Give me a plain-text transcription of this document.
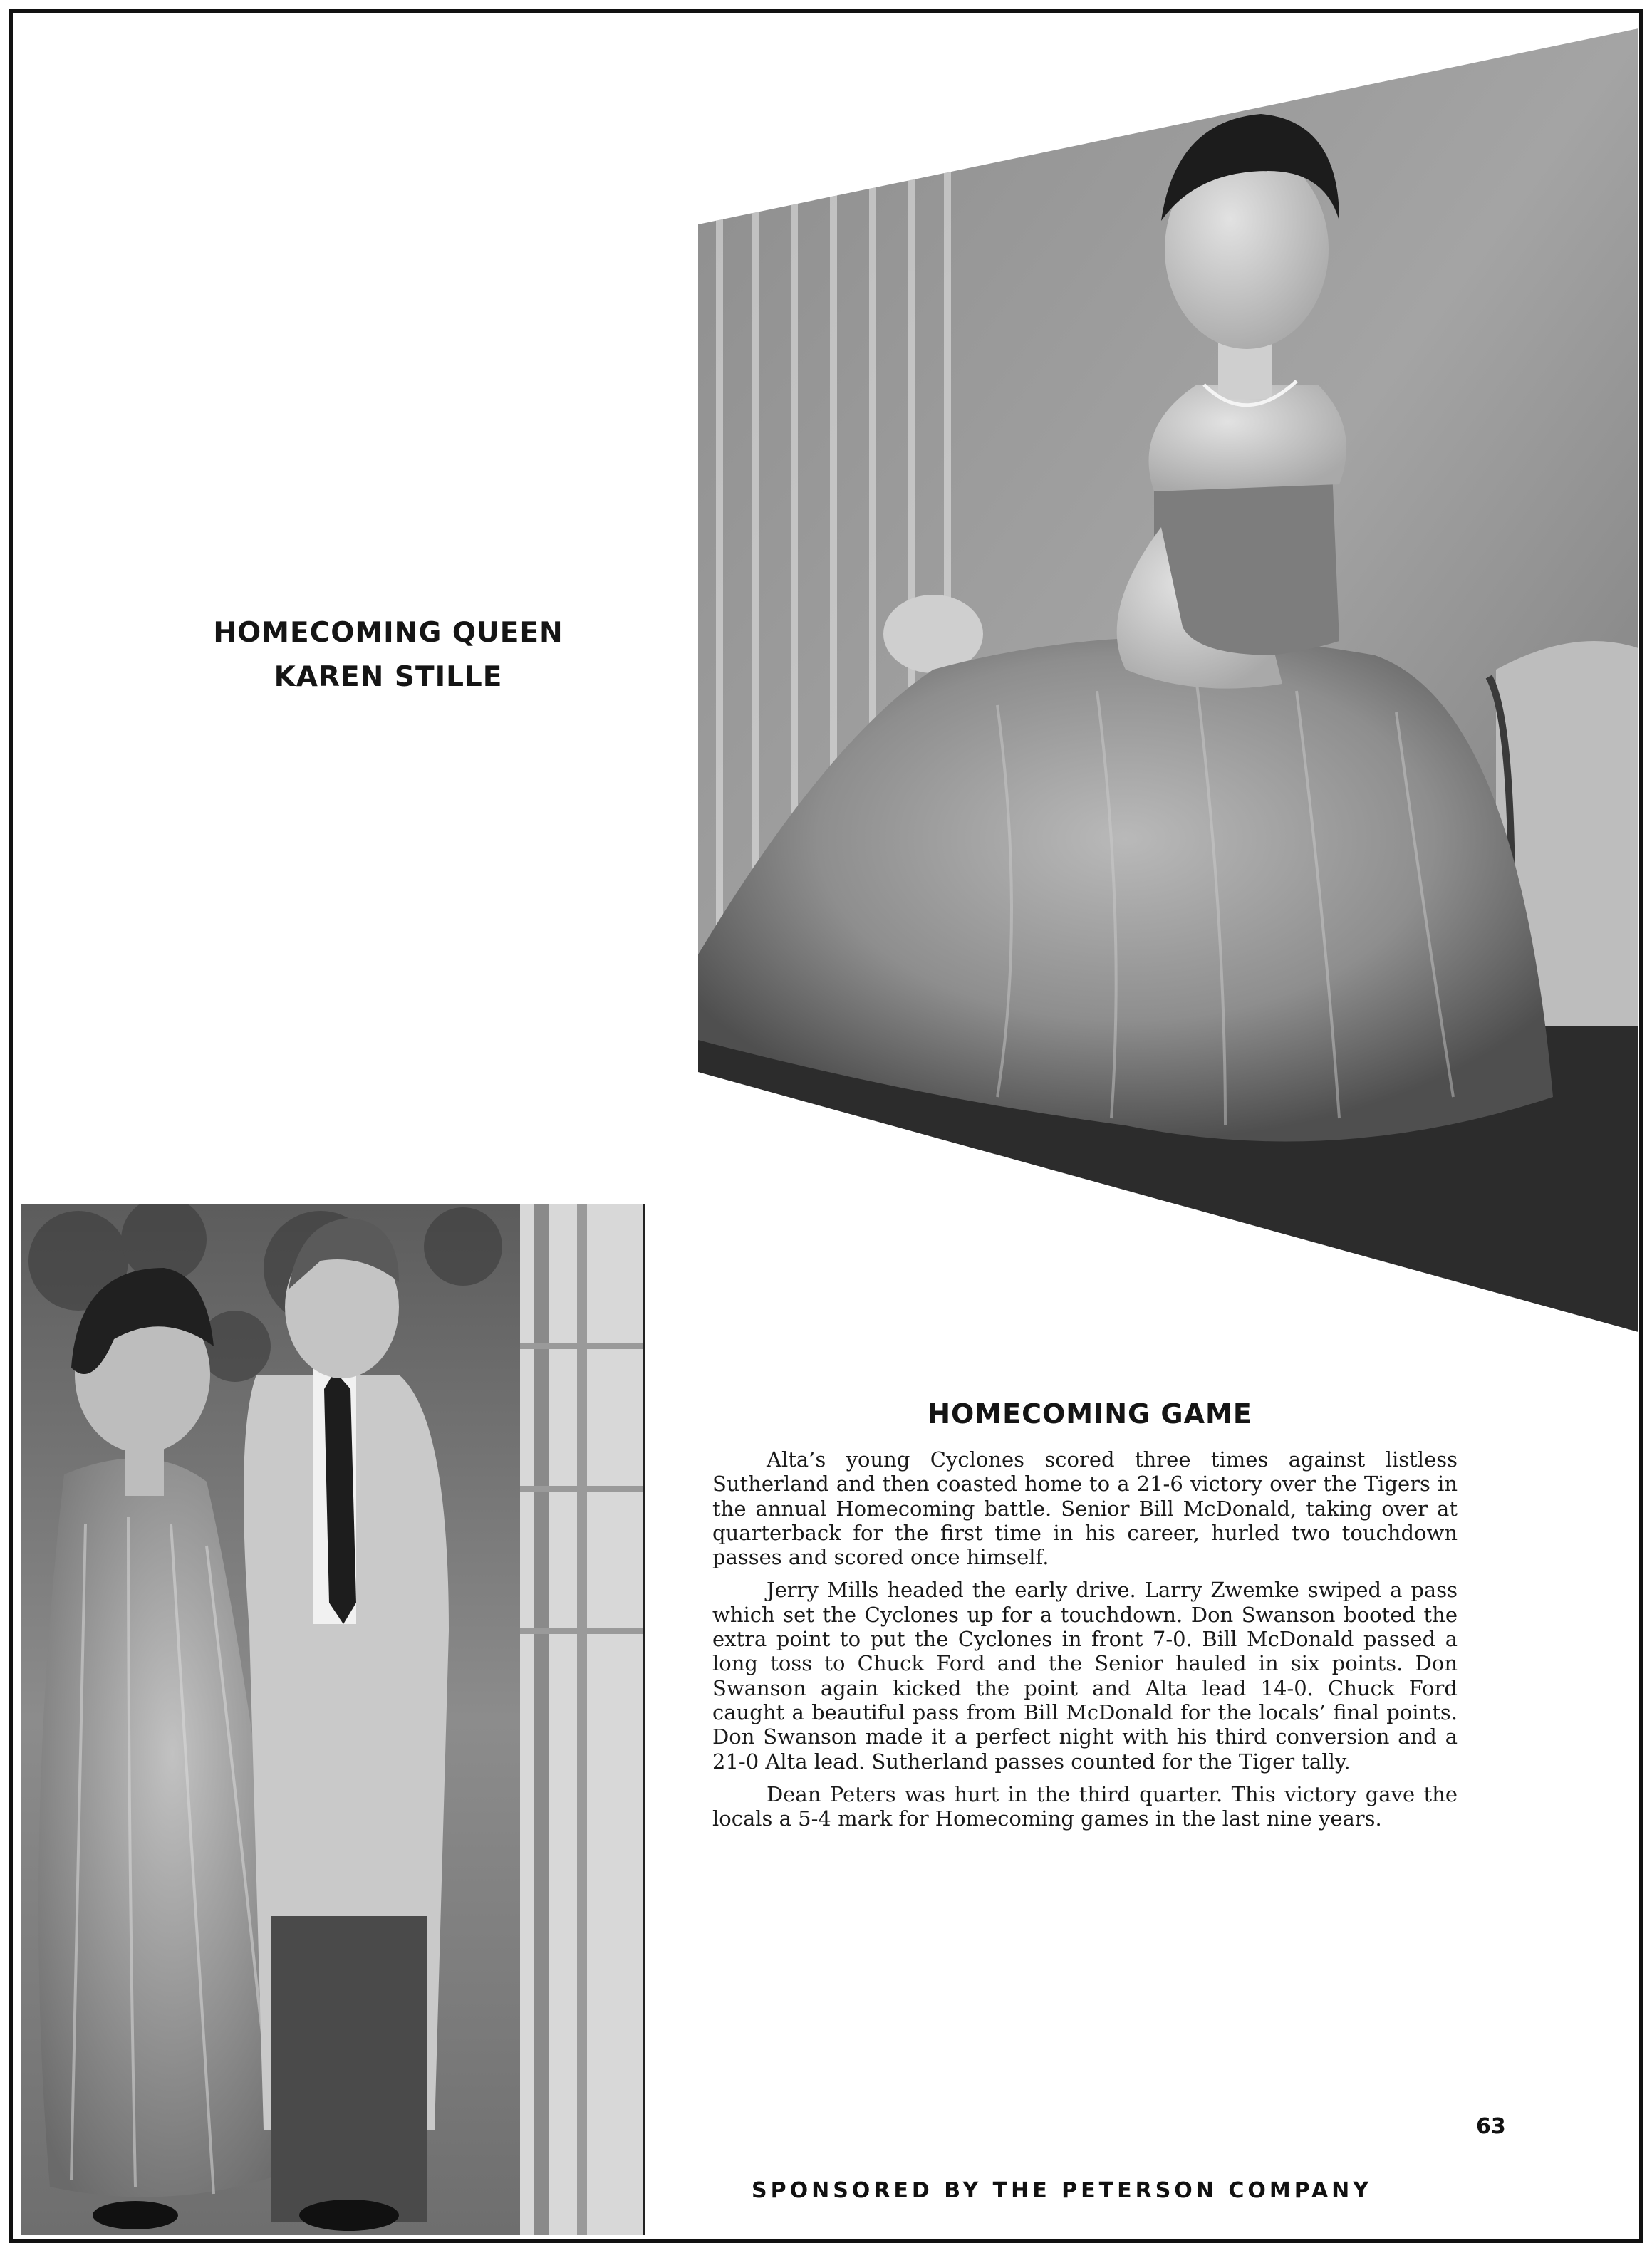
HOMECOMING QUEEN
KAREN STILLE
HOMECOMING GAME

Alta’s young Cyclones scored three times against listless Sutherland and then coasted home to a 21-6 victory over the Tigers in the annual Homecoming battle. Senior Bill McDonald, taking over at quarterback for the first time in his career, hurled two touchdown passes and scored once himself.

Jerry Mills headed the early drive. Larry Zwemke swiped a pass which set the Cyclones up for a touchdown. Don Swanson booted the extra point to put the Cyclones in front 7-0. Bill McDonald passed a long toss to Chuck Ford and the Senior hauled in six points. Don Swanson again kicked the point and Alta lead 14-0. Chuck Ford caught a beautiful pass from Bill McDonald for the locals’ final points. Don Swanson made it a perfect night with his third conversion and a 21-0 Alta lead. Sutherland passes counted for the Tiger tally.

Dean Peters was hurt in the third quarter. This victory gave the locals a 5-4 mark for Homecoming games in the last nine years.

63
SPONSORED BY THE PETERSON COMPANY
